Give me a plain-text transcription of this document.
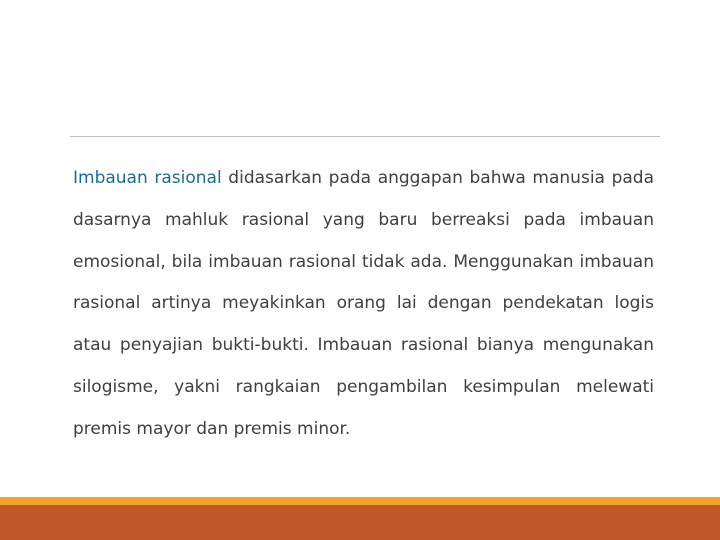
Imbauan rasional didasarkan pada anggapan bahwa manusia pada dasarnya mahluk rasional yang baru berreaksi pada imbauan emosional, bila imbauan rasional tidak ada. Menggunakan imbauan rasional artinya meyakinkan orang lai dengan pendekatan logis atau penyajian bukti-bukti. Imbauan rasional bianya mengunakan silogisme, yakni rangkaian pengambilan kesimpulan melewati premis mayor dan premis minor.
